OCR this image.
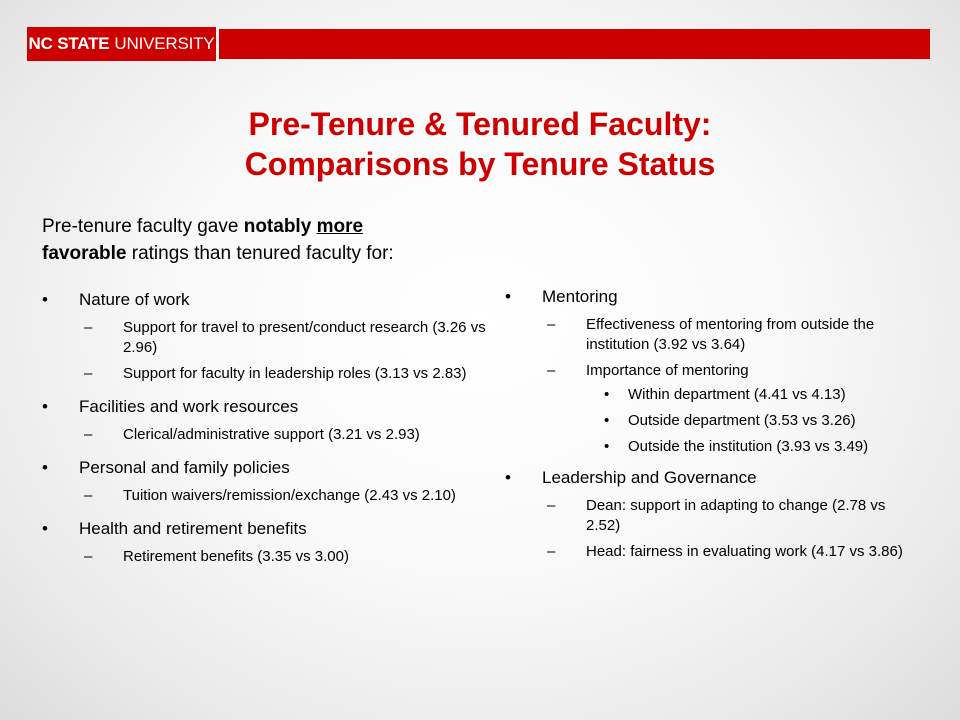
NC STATE UNIVERSITY
Pre-Tenure & Tenured Faculty:
Comparisons by Tenure Status
Pre-tenure faculty gave notably more
favorable ratings than tenured faculty for:
• Nature of work
– Support for travel to present/conduct research (3.26 vs 2.96)
– Support for faculty in leadership roles (3.13 vs 2.83)
• Facilities and work resources
– Clerical/administrative support (3.21 vs 2.93)
• Personal and family policies
– Tuition waivers/remission/exchange (2.43 vs 2.10)
• Health and retirement benefits
– Retirement benefits (3.35 vs 3.00)
• Mentoring
– Effectiveness of mentoring from outside the institution (3.92 vs 3.64)
– Importance of mentoring
• Within department (4.41 vs 4.13)
• Outside department (3.53 vs 3.26)
• Outside the institution (3.93 vs 3.49)
• Leadership and Governance
– Dean: support in adapting to change (2.78 vs 2.52)
– Head: fairness in evaluating work (4.17 vs 3.86)
